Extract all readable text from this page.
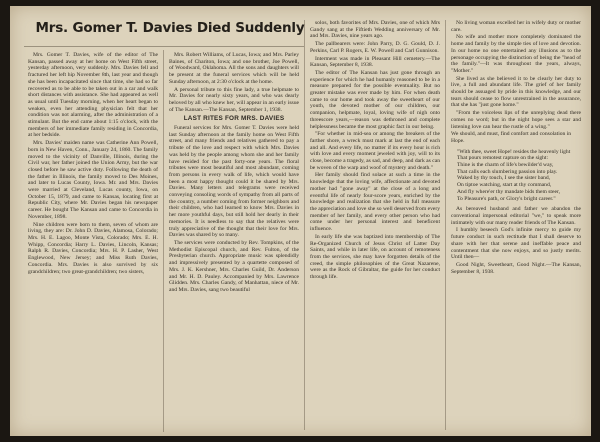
Mrs. Gomer T. Davies Died Suddenly

Mrs. Gomer T. Davies, wife of the editor of The Kansan, passed away at her home on West Fifth street, yesterday afternoon, very suddenly. Mrs. Davies fell and fractured her left hip November 8th, last year and though she has been incapacitated since that time, she had so far recovered as to be able to be taken out in a car and walk short distances with assistance. She had appeared as well as usual until Tuesday morning, when her heart began to weaken, even her attending physician felt that her condition was not alarming, after the administration of a stimulant. But the end came about 1:15 o'clock, with the members of her immediate family residing in Concordia, at her bedside.

Mrs. Davies' maiden name was Catherine Ann Powell, born in New Haven, Conn., January 24, 1860. The family moved to the vicinity of Danville, Illinois, during the Civil war, her father joined the Union Army, but the war closed before he saw active duty. Following the death of the father in Illinois, the family moved to Des Moines, and later to Lucas County, Iowa. Mr. and Mrs. Davies were married at Cleveland, Lucas county, Iowa, on October 15, 1879, and came to Kansas, locating first at Republic City, where Mr. Davies began his newspaper career. He bought The Kansan and came to Concordia in November, 1898.

Nine children were born to them, seven of whom are living, they are: Dr. John D. Davies, Alamosa, Colorado; Mrs. H. E. Lagoo, Monte Vista, Colorado; Mrs. E. H. Whipp, Concordia; Harry L. Davies, Lincoln, Kansas; Ralph R. Davies, Concordia; Mrs. H. P. Lasher, West Englewood, New Jersey; and Miss Ruth Davies, Concordia. Mrs. Davies is also survived by six grandchildren; two great-grandchildren; two sisters,

Mrs. Robert Williams, of Lucas, Iowa; and Mrs. Parley Baines, of Chariton, Iowa; and one brother, Joe Powell, of Woodward, Oklahoma. All the sons and daughters will be present at the funeral services which will be held Sunday afternoon, at 2:30 o'clock at the home.

A personal tribute to this fine lady, a true helpmate to Mr. Davies for nearly sixty years, and who was dearly beloved by all who knew her, will appear in an early issue of The Kansan.—The Kansan, September 1, 1938.

LAST RITES FOR MRS. DAVIES

Funeral services for Mrs. Gomer T. Davies were held last Sunday afternoon at the family home on West Fifth street, and many friends and relatives gathered to pay a tribute of the love and respect with which Mrs. Davies was held by the people among whom she and her family have resided for the past forty-one years. The floral tributes were most beautiful and most abundant, coming from persons in every walk of life, which would have been a most happy thought could it be shared by Mrs. Davies. Many letters and telegrams were received conveying consoling words of sympathy from all parts of the country, a number coming from former neighbors and their children, who had learned to know Mrs. Davies in her more youthful days, but still hold her dearly in their memories. It is needless to say that the relatives were truly appreciative of the thought that their love for Mrs. Davies was shared by so many.

The services were conducted by Rev. Tompkins, of the Methodist Episcopal church, and Rev. Fulton, of the Presbyterian church. Appropriate music was splendidly and impressively presented by a quartette composed of Mrs. J. K. Kershner, Mrs. Charles Guild, Dr. Anderson and Mr. H. D. Pauley. Accompanied by Mrs. Lawrence Glidden. Mrs. Charles Gandy, of Manhattan, niece of Mr. and Mrs. Davies, sang two beautiful

solos, both favorites of Mrs. Davies, one of which Mrs Gandy sang at the Fiftieth Wedding anniversary of Mr. and Mrs. Davies, nine years ago.

The pallbearers were: John Parry, D. G. Gould, D. J. Perkins, Carl P. Rogers, E. W. Powell and Carl Gunnison.

Interment was made in Pleasant Hill cemetery.—The Kansan, September 8, 1938.

The editor of The Kansan has just gone through an experience for which he had humanly reasoned to be in a measure prepared for the possible eventuality. But no greater mistake was ever made by him. For when death came to our home and took away the sweetheart of our youth, the devoted mother of our children, our companion, helpmate, loyal, loving wife of nigh onto threescore years,—reason was dethroned and complete helplessness became the most graphic fact in our being.

"For whether in mid-sea or among the breakers of the farther shore, a wreck must mark at last the end of each and all. And every life, no matter if its every hour is rich with love and every moment jeweled with joy, will to its close, become a tragedy, as sad, and deep, and dark as can be woven of the warp and woof of mystery and death."

Her family should find solace at such a time in the knowledge that the loving wife, affectionate and devoted mother had "gone away" at the close of a long and eventful life of nearly four-score years, enriched by the knowledge and realization that she held in full measure the appreciation and love she so well deserved from every member of her family, and every other person who had come under her personal interest and beneficent influence.

In early life she was baptized into membership of The Re-Organized Church of Jesus Christ of Latter Day Saints, and while in later life, on account of remoteness from the services, she may have forgotten details of the creed, the simple philosophies of the Great Nazarene, were as the Rock of Gibraltar, the guide for her conduct through life.

No living woman excelled her in wifely duty or mother care.

No wife and mother more completely dominated the home and family by the simple ties of love and devotion. In our home no one entertained any illusions as to the personage occupying the distinction of being the "head of the family."—It was throughout the years, always, "Mother."

She lived as she believed it to be clearly her duty to live, a full and abundant life. The grief of her family should be assuaged by pride in this knowledge, and our tears should cease to flow unrestrained in the assurance, that she has "just gone home."

"From the voiceless lips of the unreplying dead there comes no word; but in the night hope sees a star and listening love can hear the rustle of a wing."

We should, and must, find comfort and consolation in Hope.

"With thee, sweet Hope! resides the heavenly light

That pours remotest rapture on the sight:

Thine is the charm of life's bewilder'd way,

That calls each slumbering passion into play.

Waked by thy touch, I see the sister band,

On tiptoe watching, start at thy command,

And fly where'er thy mandate bids them steer,

To Pleasure's path, or Glory's bright career."

As bereaved husband and father we abandon the conventional impersonal editorial "we," to speak more intimately with our many reader friends of The Kansan.

I humbly beseech God's infinite mercy to guide my future conduct in such rectitude that I shall deserve to share with her that serene and ineffable peace and contentment that she now enjoys, and so justly merits. Until then—

Good Night, Sweetheart, Good Night.—The Kansan, September 8, 1938.
